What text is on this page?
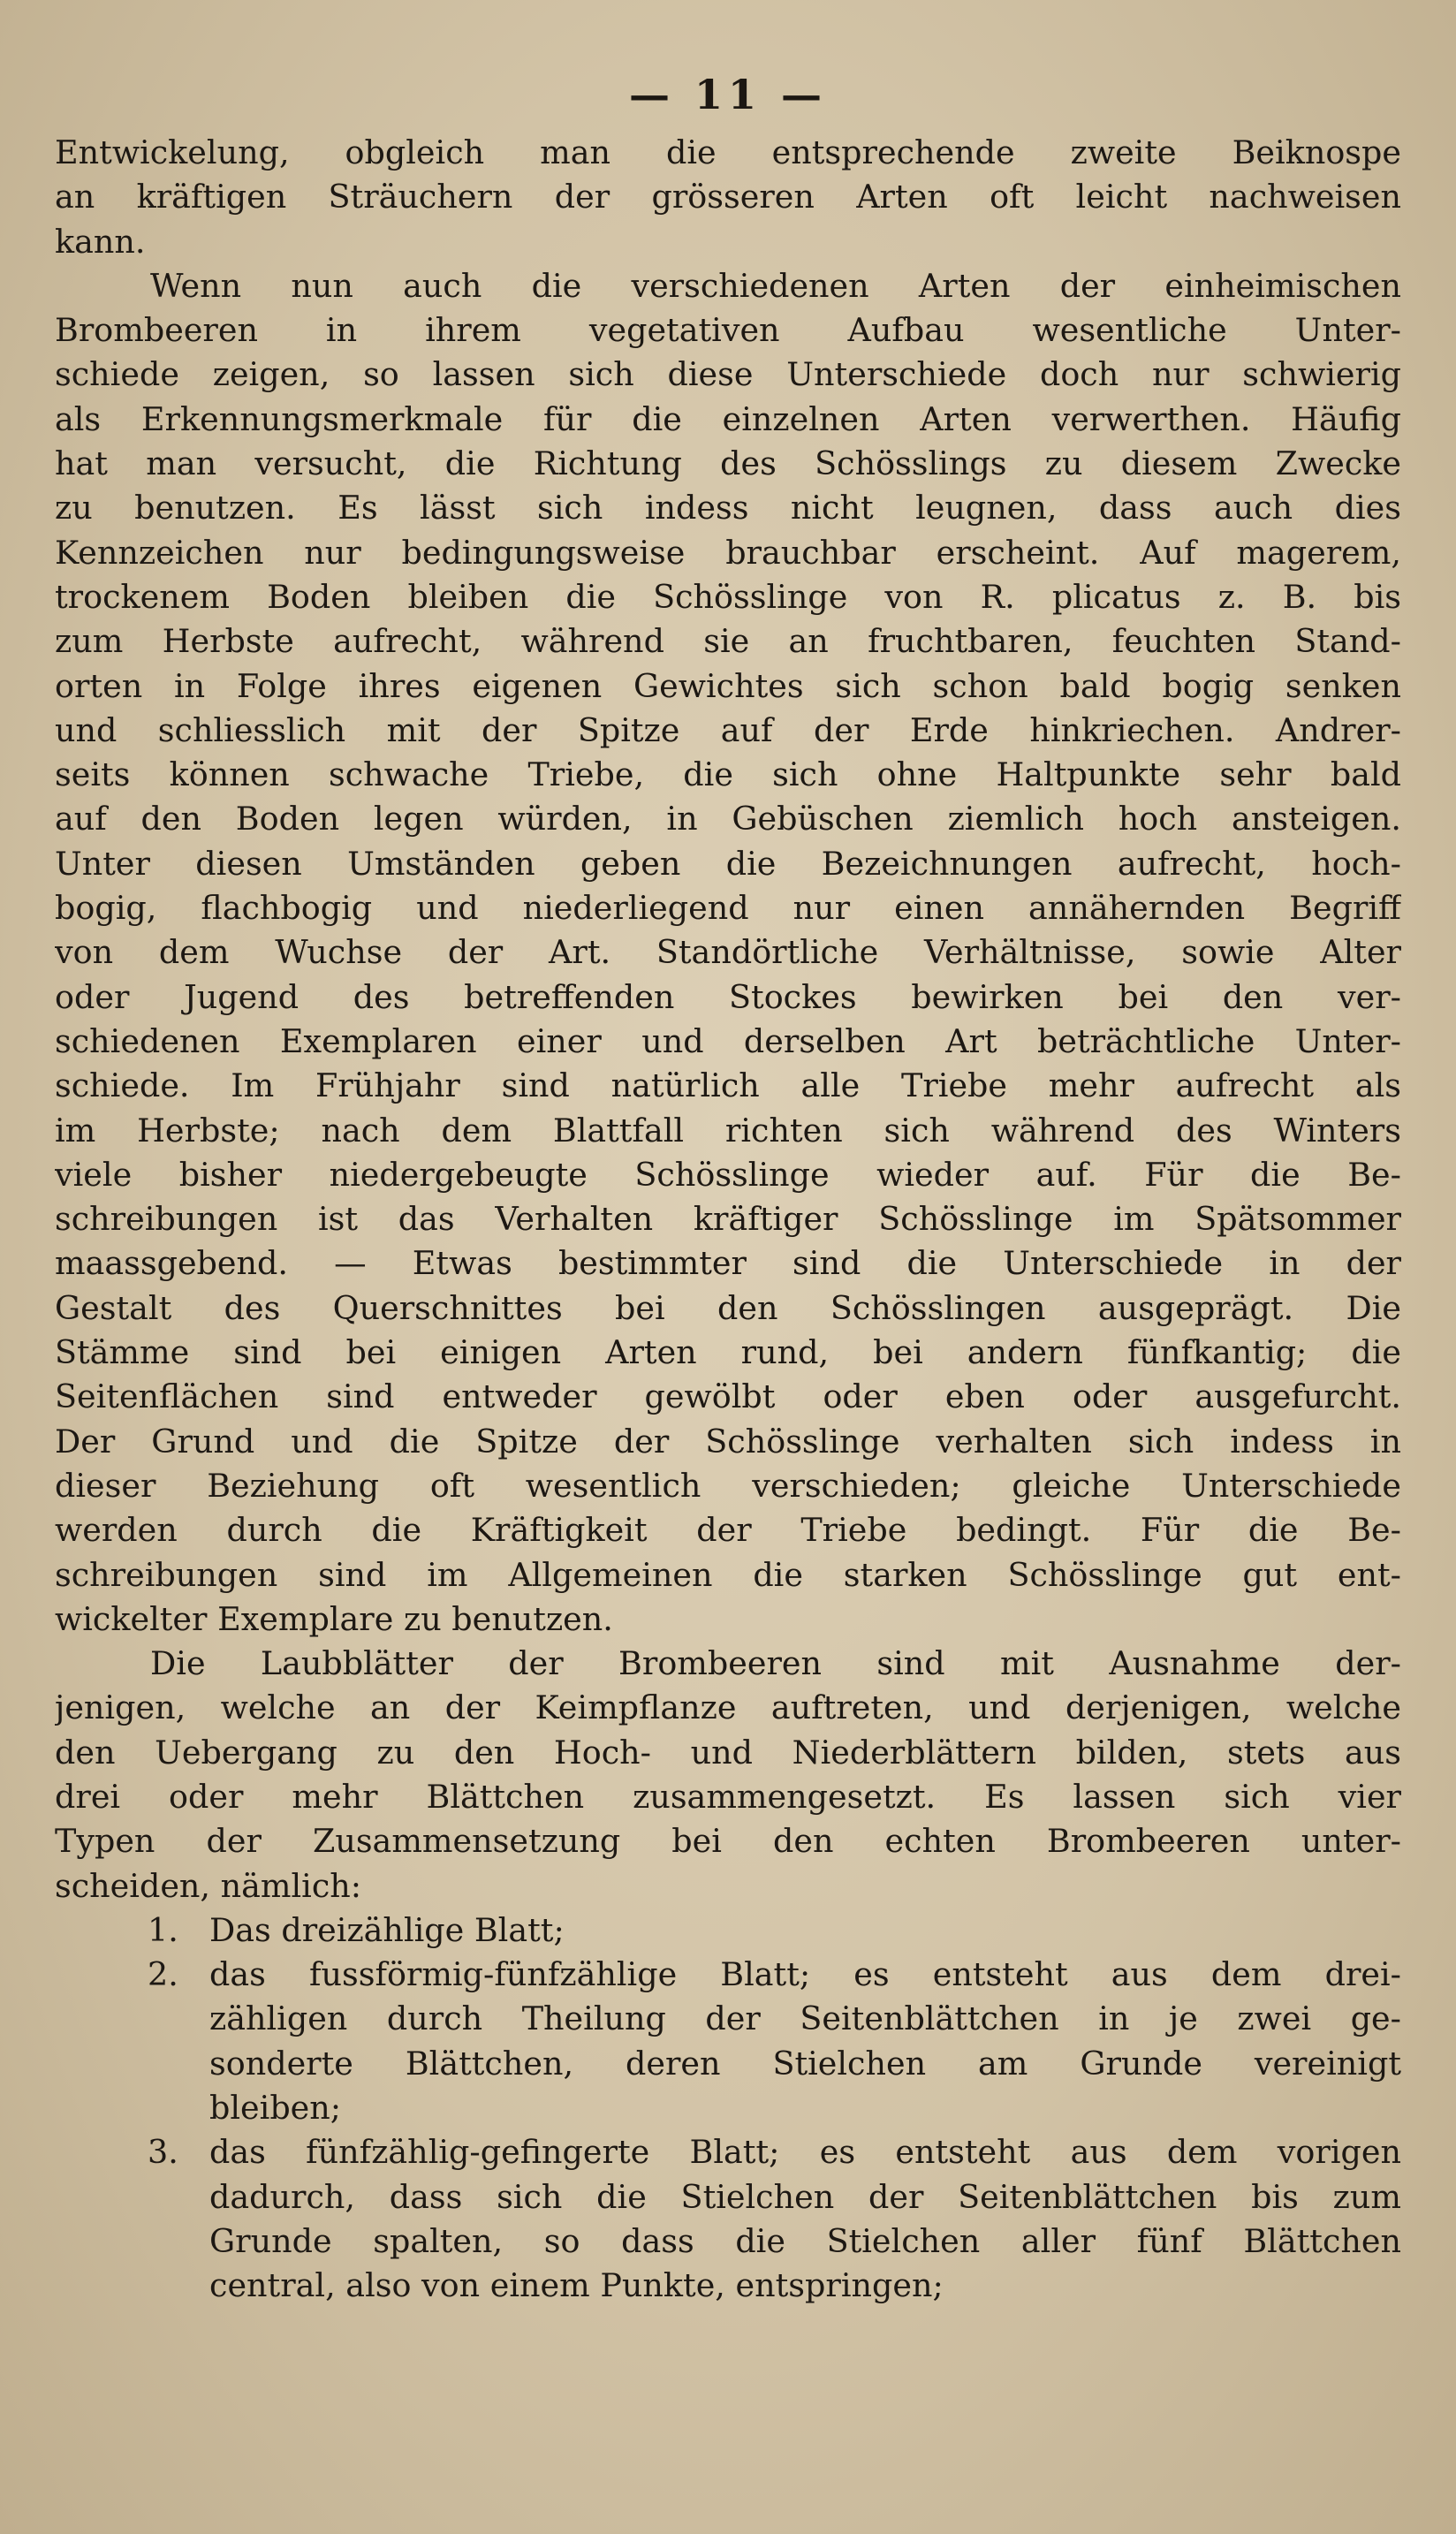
— 11 —
Entwickelung, obgleich man die entsprechende zweite Beiknospe
an kräftigen Sträuchern der grösseren Arten oft leicht nachweisen
kann.
Wenn nun auch die verschiedenen Arten der einheimischen
Brombeeren in ihrem vegetativen Aufbau wesentliche Unter-
schiede zeigen, so lassen sich diese Unterschiede doch nur schwierig
als Erkennungsmerkmale für die einzelnen Arten verwerthen. Häufig
hat man versucht, die Richtung des Schösslings zu diesem Zwecke
zu benutzen. Es lässt sich indess nicht leugnen, dass auch dies
Kennzeichen nur bedingungsweise brauchbar erscheint. Auf magerem,
trockenem Boden bleiben die Schösslinge von R. plicatus z. B. bis
zum Herbste aufrecht, während sie an fruchtbaren, feuchten Stand-
orten in Folge ihres eigenen Gewichtes sich schon bald bogig senken
und schliesslich mit der Spitze auf der Erde hinkriechen. Andrer-
seits können schwache Triebe, die sich ohne Haltpunkte sehr bald
auf den Boden legen würden, in Gebüschen ziemlich hoch ansteigen.
Unter diesen Umständen geben die Bezeichnungen aufrecht, hoch-
bogig, flachbogig und niederliegend nur einen annähernden Begriff
von dem Wuchse der Art. Standörtliche Verhältnisse, sowie Alter
oder Jugend des betreffenden Stockes bewirken bei den ver-
schiedenen Exemplaren einer und derselben Art beträchtliche Unter-
schiede. Im Frühjahr sind natürlich alle Triebe mehr aufrecht als
im Herbste; nach dem Blattfall richten sich während des Winters
viele bisher niedergebeugte Schösslinge wieder auf. Für die Be-
schreibungen ist das Verhalten kräftiger Schösslinge im Spätsommer
maassgebend. — Etwas bestimmter sind die Unterschiede in der
Gestalt des Querschnittes bei den Schösslingen ausgeprägt. Die
Stämme sind bei einigen Arten rund, bei andern fünfkantig; die
Seitenflächen sind entweder gewölbt oder eben oder ausgefurcht.
Der Grund und die Spitze der Schösslinge verhalten sich indess in
dieser Beziehung oft wesentlich verschieden; gleiche Unterschiede
werden durch die Kräftigkeit der Triebe bedingt. Für die Be-
schreibungen sind im Allgemeinen die starken Schösslinge gut ent-
wickelter Exemplare zu benutzen.
Die Laubblätter der Brombeeren sind mit Ausnahme der-
jenigen, welche an der Keimpflanze auftreten, und derjenigen, welche
den Uebergang zu den Hoch- und Niederblättern bilden, stets aus
drei oder mehr Blättchen zusammengesetzt. Es lassen sich vier
Typen der Zusammensetzung bei den echten Brombeeren unter-
scheiden, nämlich:
1. Das dreizählige Blatt;
2. das fussförmig-fünfzählige Blatt; es entsteht aus dem drei-
zähligen durch Theilung der Seitenblättchen in je zwei ge-
sonderte Blättchen, deren Stielchen am Grunde vereinigt
bleiben;
3. das fünfzählig-gefingerte Blatt; es entsteht aus dem vorigen
dadurch, dass sich die Stielchen der Seitenblättchen bis zum
Grunde spalten, so dass die Stielchen aller fünf Blättchen
central, also von einem Punkte, entspringen;
